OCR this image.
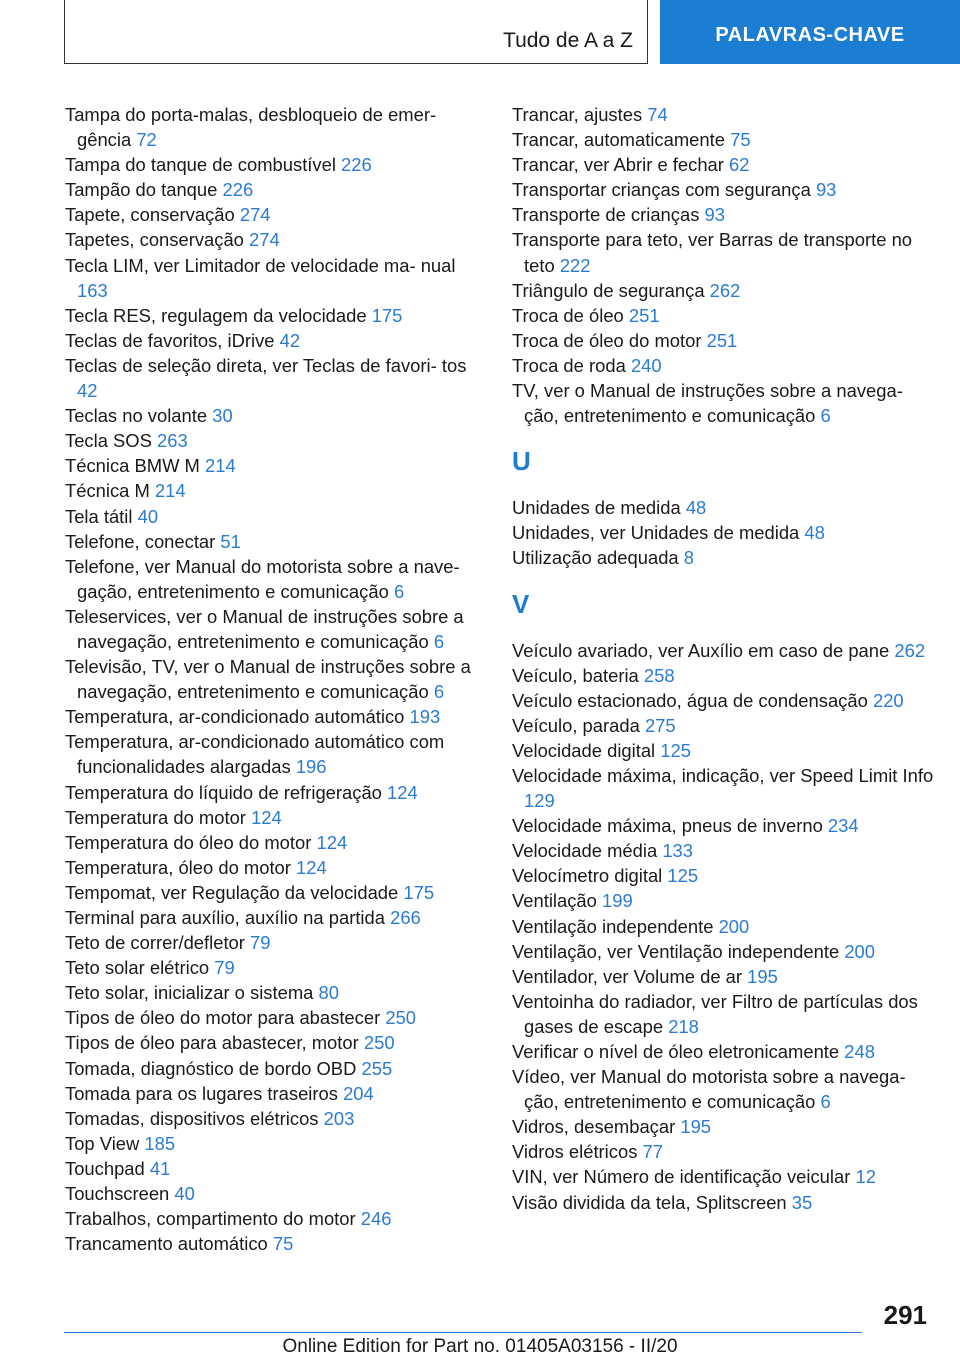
Tudo de A a Z	PALAVRAS-CHAVE
Tampa do porta-malas, desbloqueio de emer‐ gência 72
Tampa do tanque de combustível 226
Tampão do tanque 226
Tapete, conservação 274
Tapetes, conservação 274
Tecla LIM, ver Limitador de velocidade ma‐ nual 163
Tecla RES, regulagem da velocidade 175
Teclas de favoritos, iDrive 42
Teclas de seleção direta, ver Teclas de favori‐ tos 42
Teclas no volante 30
Tecla SOS 263
Técnica BMW M 214
Técnica M 214
Tela tátil 40
Telefone, conectar 51
Telefone, ver Manual do motorista sobre a nave‐ gação, entretenimento e comunicação 6
Teleservices, ver o Manual de instruções sobre a navegação, entretenimento e comunicação 6
Televisão, TV, ver o Manual de instruções sobre a navegação, entretenimento e comunicação 6
Temperatura, ar-condicionado automático 193
Temperatura, ar-condicionado automático com funcionalidades alargadas 196
Temperatura do líquido de refrigeração 124
Temperatura do motor 124
Temperatura do óleo do motor 124
Temperatura, óleo do motor 124
Tempomat, ver Regulação da velocidade 175
Terminal para auxílio, auxílio na partida 266
Teto de correr/defletor 79
Teto solar elétrico 79
Teto solar, inicializar o sistema 80
Tipos de óleo do motor para abastecer 250
Tipos de óleo para abastecer, motor 250
Tomada, diagnóstico de bordo OBD 255
Tomada para os lugares traseiros 204
Tomadas, dispositivos elétricos 203
Top View 185
Touchpad 41
Touchscreen 40
Trabalhos, compartimento do motor 246
Trancamento automático 75
Trancar, ajustes 74
Trancar, automaticamente 75
Trancar, ver Abrir e fechar 62
Transportar crianças com segurança 93
Transporte de crianças 93
Transporte para teto, ver Barras de transporte no teto 222
Triângulo de segurança 262
Troca de óleo 251
Troca de óleo do motor 251
Troca de roda 240
TV, ver o Manual de instruções sobre a navega‐ ção, entretenimento e comunicação 6
U
Unidades de medida 48
Unidades, ver Unidades de medida 48
Utilização adequada 8
V
Veículo avariado, ver Auxílio em caso de pane 262
Veículo, bateria 258
Veículo estacionado, água de condensação 220
Veículo, parada 275
Velocidade digital 125
Velocidade máxima, indicação, ver Speed Limit Info 129
Velocidade máxima, pneus de inverno 234
Velocidade média 133
Velocímetro digital 125
Ventilação 199
Ventilação independente 200
Ventilação, ver Ventilação independente 200
Ventilador, ver Volume de ar 195
Ventoinha do radiador, ver Filtro de partículas dos gases de escape 218
Verificar o nível de óleo eletronicamente 248
Vídeo, ver Manual do motorista sobre a navega‐ ção, entretenimento e comunicação 6
Vidros, desembaçar 195
Vidros elétricos 77
VIN, ver Número de identificação veicular 12
Visão dividida da tela, Splitscreen 35
291
Online Edition for Part no. 01405A03156 - II/20
